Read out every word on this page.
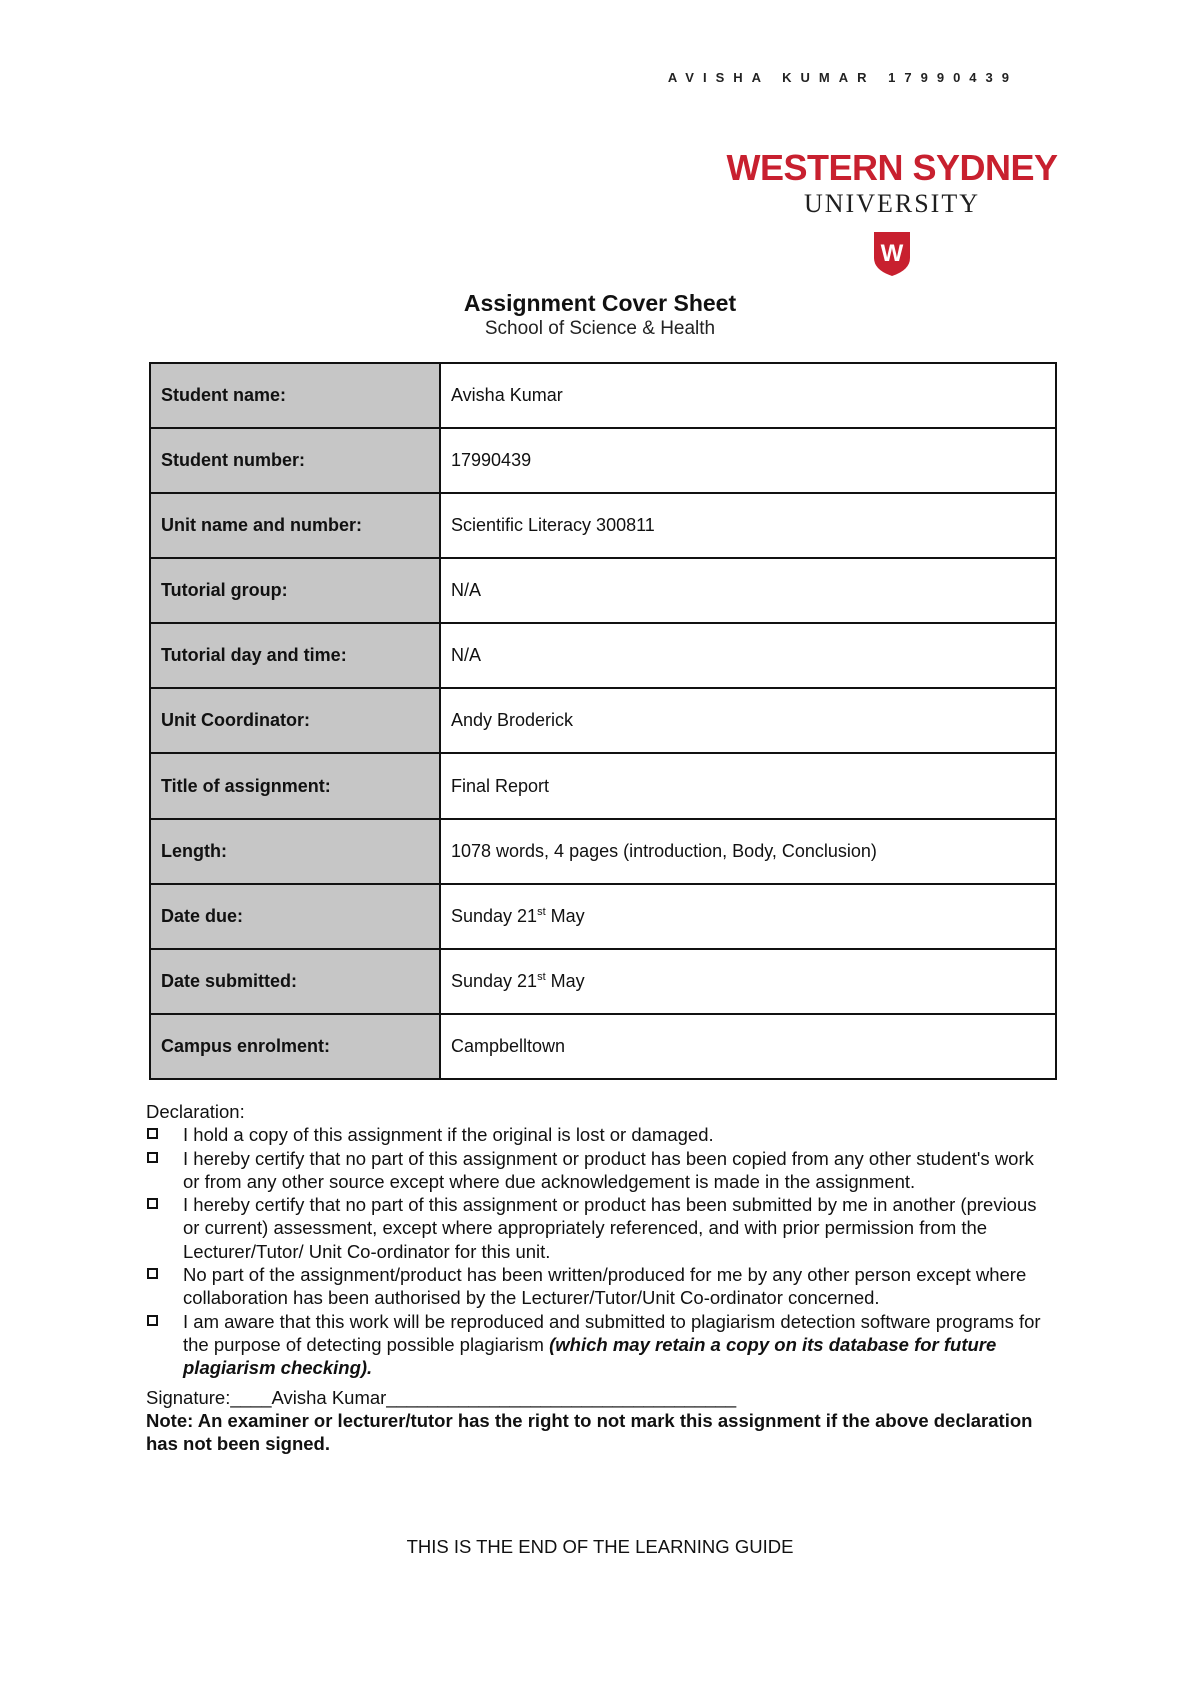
AVISHA KUMAR 17990439
WESTERN SYDNEY
UNIVERSITY
W
Assignment Cover Sheet
School of Science & Health
Student name:	Avisha Kumar
Student number:	17990439
Unit name and number:	Scientific Literacy 300811
Tutorial group:	N/A
Tutorial day and time:	N/A
Unit Coordinator:	Andy Broderick
Title of assignment:	Final Report
Length:	1078 words, 4 pages (introduction, Body, Conclusion)
Date due:	Sunday 21st May
Date submitted:	Sunday 21st May
Campus enrolment:	Campbelltown
Declaration:
I hold a copy of this assignment if the original is lost or damaged.
I hereby certify that no part of this assignment or product has been copied from any other student's work or from any other source except where due acknowledgement is made in the assignment.
I hereby certify that no part of this assignment or product has been submitted by me in another (previous or current) assessment, except where appropriately referenced, and with prior permission from the Lecturer/Tutor/ Unit Co-ordinator for this unit.
No part of the assignment/product has been written/produced for me by any other person except where collaboration has been authorised by the Lecturer/Tutor/Unit Co-ordinator concerned.
I am aware that this work will be reproduced and submitted to plagiarism detection software programs for the purpose of detecting possible plagiarism (which may retain a copy on its database for future plagiarism checking).
Signature:____Avisha Kumar__________________________________
Note: An examiner or lecturer/tutor has the right to not mark this assignment if the above declaration has not been signed.
THIS IS THE END OF THE LEARNING GUIDE
